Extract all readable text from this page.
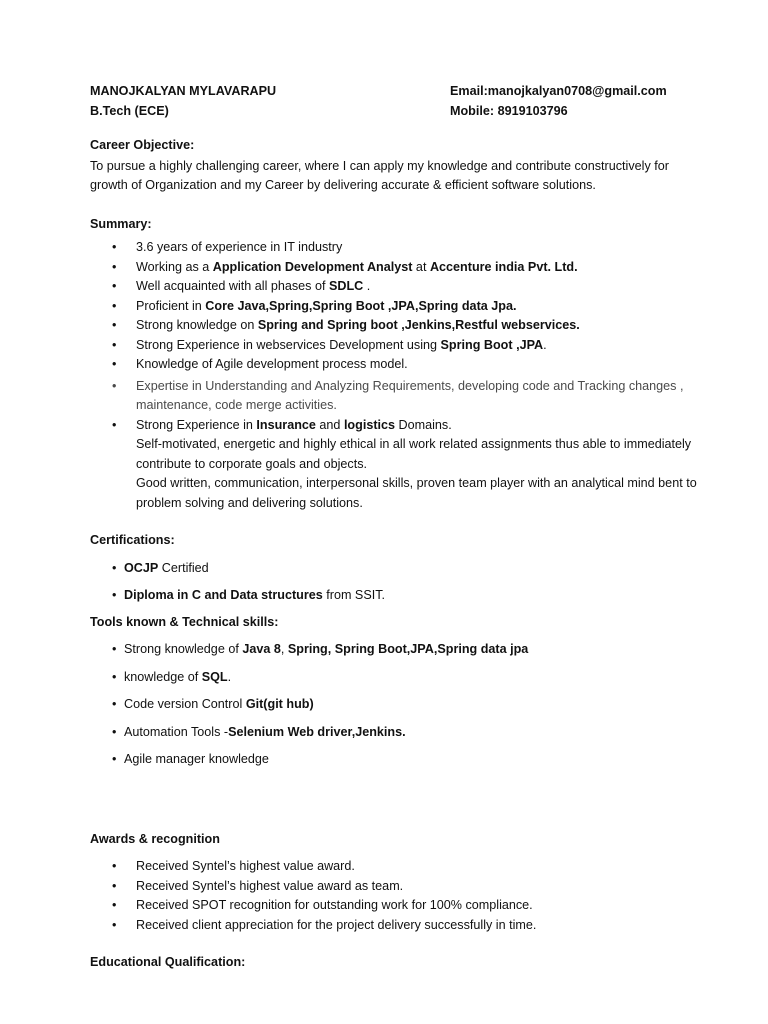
MANOJKALYAN MYLAVARAPU
B.Tech (ECE)
Email:manojkalyan0708@gmail.com
Mobile: 8919103796
Career Objective:

To pursue a highly challenging career, where I can apply my knowledge and contribute constructively for growth of Organization and my Career by delivering accurate & efficient software solutions.

Summary:
• 3.6 years of experience in IT industry
• Working as a Application Development Analyst at Accenture india Pvt. Ltd.
• Well acquainted with all phases of SDLC .
• Proficient in Core Java,Spring,Spring Boot ,JPA,Spring data Jpa.
• Strong knowledge on Spring and Spring boot ,Jenkins,Restful webservices.
• Strong Experience in webservices Development using Spring Boot ,JPA.
• Knowledge of Agile development process model.
• Expertise in Understanding and Analyzing Requirements, developing code and Tracking changes , maintenance, code merge activities.
• Strong Experience in Insurance and logistics Domains.
Self-motivated, energetic and highly ethical in all work related assignments thus able to immediately contribute to corporate goals and objects.
Good written, communication, interpersonal skills, proven team player with an analytical mind bent to problem solving and delivering solutions.
Certifications:
• OCJP Certified
• Diploma in C and Data structures from SSIT.
Tools known & Technical skills:
• Strong knowledge of Java 8, Spring, Spring Boot,JPA,Spring data jpa
• knowledge of SQL.
• Code version Control Git(git hub)
• Automation Tools -Selenium Web driver,Jenkins.
• Agile manager knowledge
Awards & recognition
• Received Syntel’s highest value award.
• Received Syntel’s highest value award as team.
• Received SPOT recognition for outstanding work for 100% compliance.
• Received client appreciation for the project delivery successfully in time.
Educational Qualification:
